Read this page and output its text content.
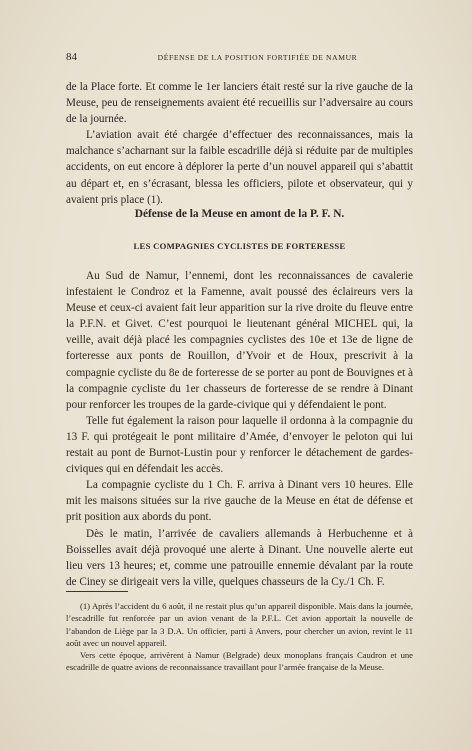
84	DÉFENSE DE LA POSITION FORTIFIÉE DE NAMUR

de la Place forte. Et comme le 1er lanciers était resté sur la rive gauche de la Meuse, peu de renseignements avaient été recueillis sur l’adversaire au cours de la journée.

L’aviation avait été chargée d’effectuer des reconnaissances, mais la malchance s’acharnant sur la faible escadrille déjà si réduite par de multiples accidents, on eut encore à déplorer la perte d’un nouvel appareil qui s’abattit au départ et, en s’écrasant, blessa les officiers, pilote et observateur, qui y avaient pris place (1).

Défense de la Meuse en amont de la P. F. N.
LES COMPAGNIES CYCLISTES DE FORTERESSE

Au Sud de Namur, l’ennemi, dont les reconnaissances de cavalerie infestaient le Condroz et la Famenne, avait poussé des éclaireurs vers la Meuse et ceux-ci avaient fait leur apparition sur la rive droite du fleuve entre la P.F.N. et Givet. C’est pourquoi le lieutenant général MICHEL qui, la veille, avait déjà placé les compagnies cyclistes des 10e et 13e de ligne de forteresse aux ponts de Rouillon, d’Yvoir et de Houx, prescrivit à la compagnie cycliste du 8e de forteresse de se porter au pont de Bouvignes et à la compagnie cycliste du 1er chasseurs de forteresse de se rendre à Dinant pour renforcer les troupes de la garde-civique qui y défendaient le pont.

Telle fut également la raison pour laquelle il ordonna à la compagnie du 13 F. qui protégeait le pont militaire d’Amée, d’envoyer le peloton qui lui restait au pont de Burnot-Lustin pour y renforcer le détachement de gardes-civiques qui en défendait les accès.

La compagnie cycliste du 1 Ch. F. arriva à Dinant vers 10 heures. Elle mit les maisons situées sur la rive gauche de la Meuse en état de défense et prit position aux abords du pont.

Dès le matin, l’arrivée de cavaliers allemands à Herbuchenne et à Boisselles avait déjà provoqué une alerte à Dinant. Une nouvelle alerte eut lieu vers 13 heures; et, comme une patrouille ennemie dévalant par la route de Ciney se dirigeait vers la ville, quelques chasseurs de la Cy./1 Ch. F.

(1) Après l’accident du 6 août, il ne restait plus qu’un appareil disponible. Mais dans la journée, l’escadrille fut renforcée par un avion venant de la P.F.L. Cet avion apportait la nouvelle de l’abandon de Liège par la 3 D.A. Un officier, parti à Anvers, pour chercher un avion, revint le 11 août avec un nouvel appareil.

Vers cette époque, arrivèrent à Namur (Belgrade) deux monoplans français Caudron et une escadrille de quatre avions de reconnaissance travaillant pour l’armée française de la Meuse.
